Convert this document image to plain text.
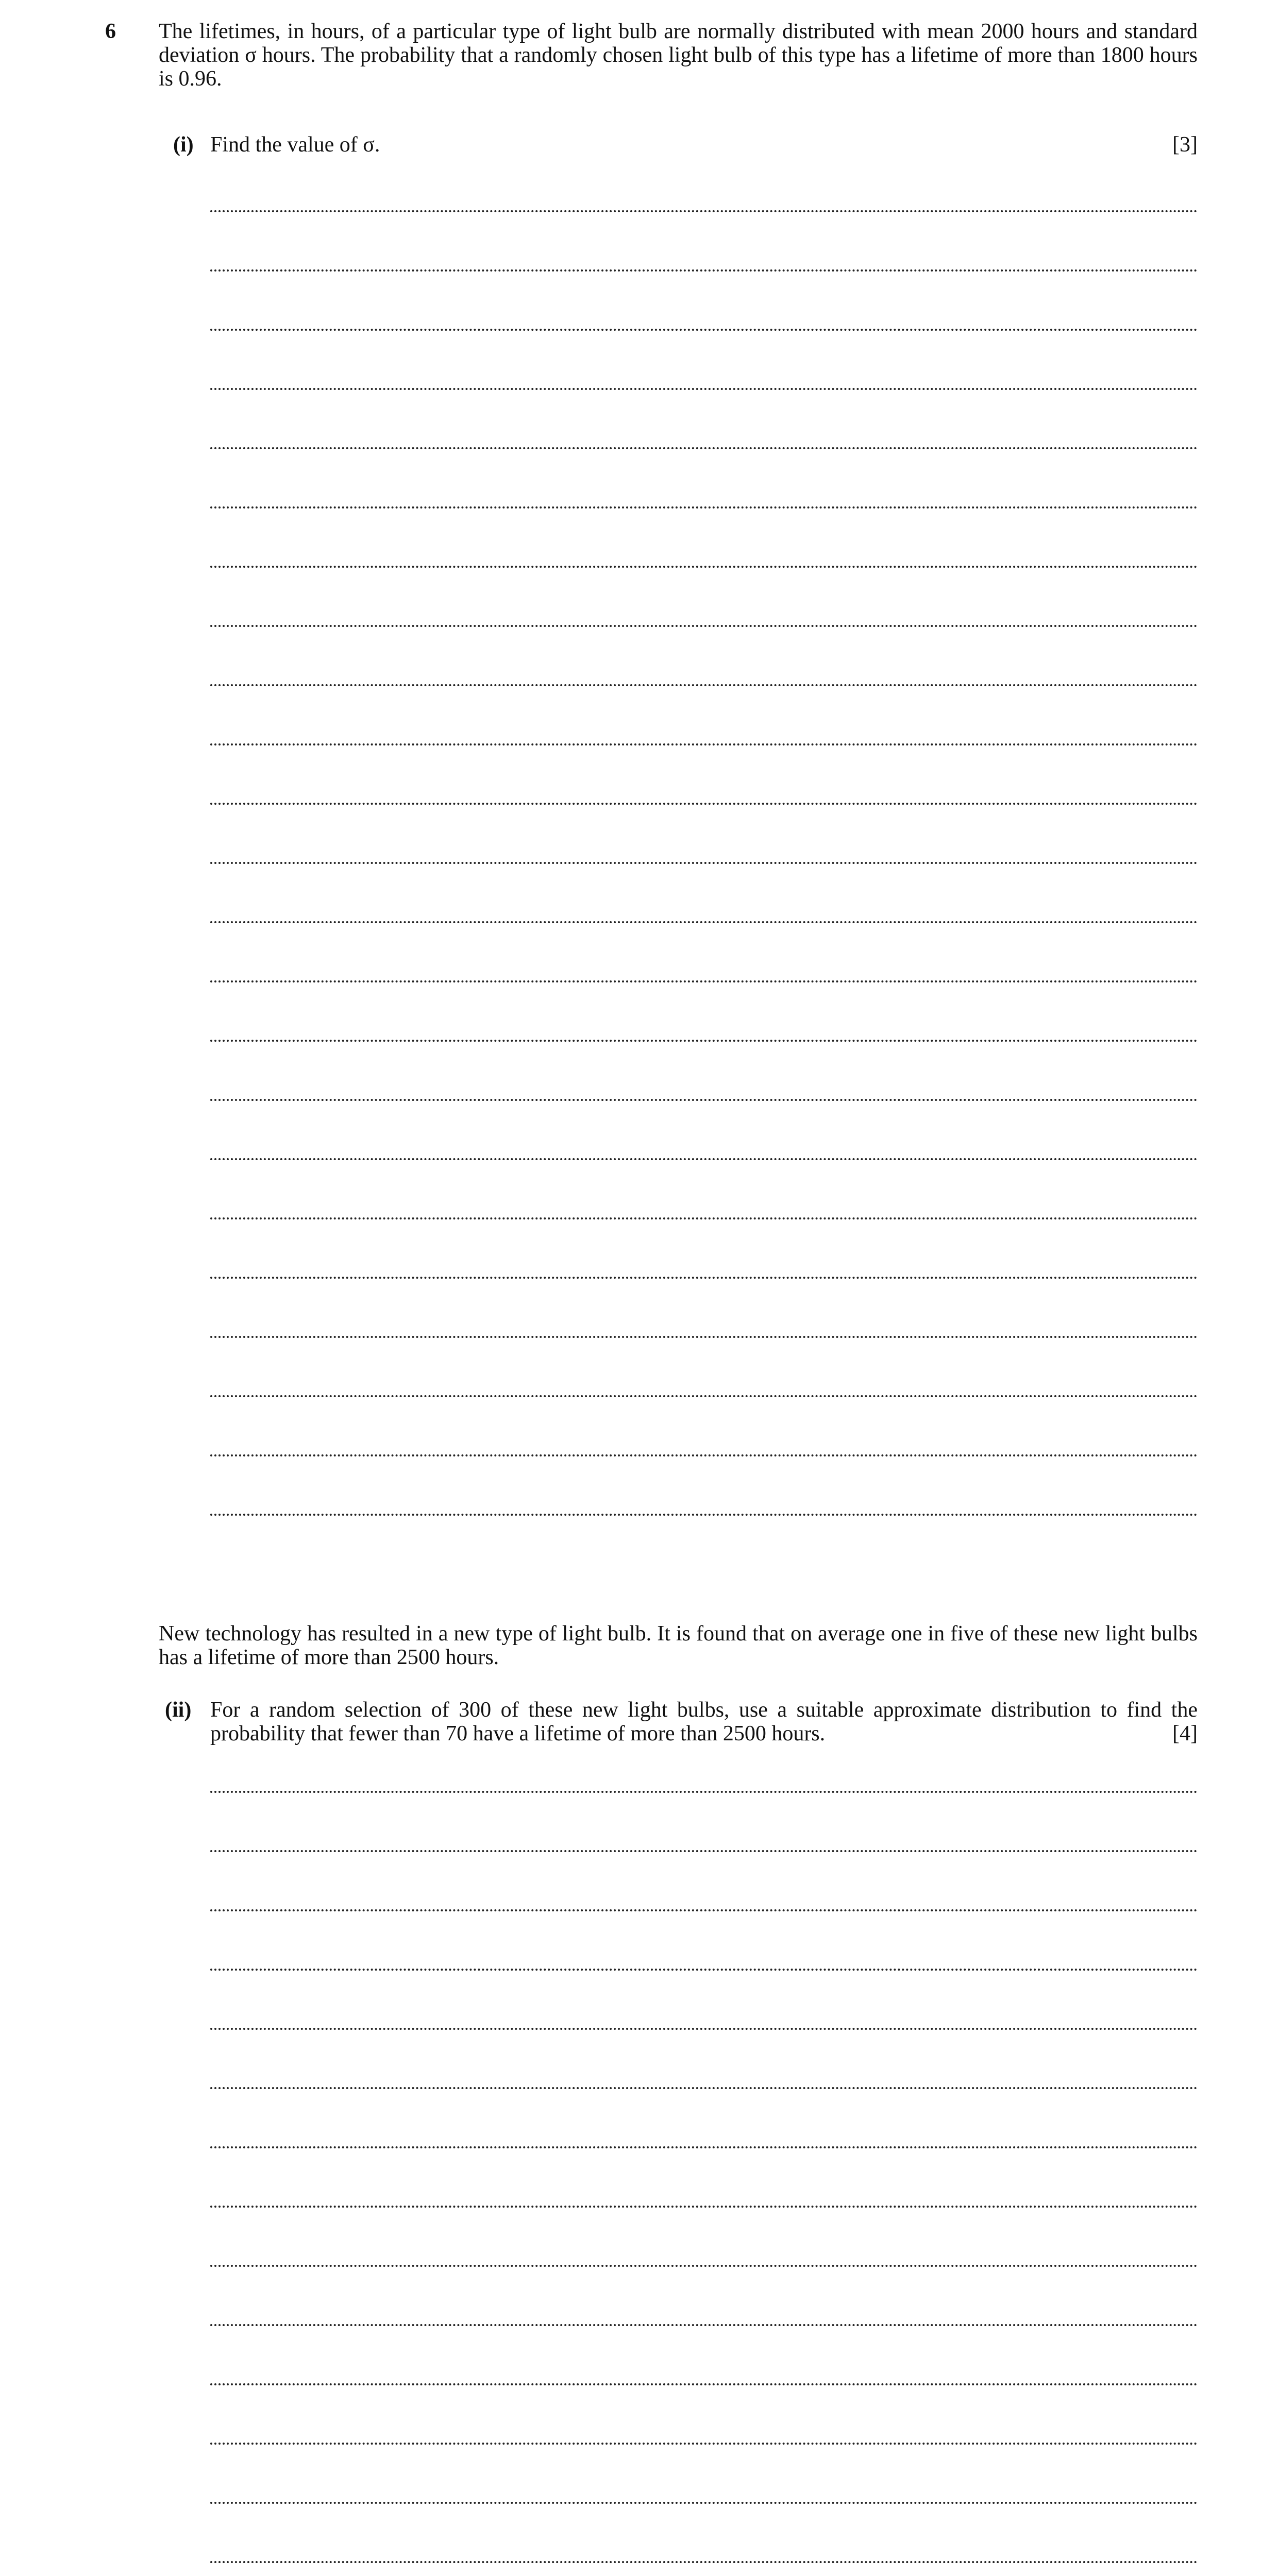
6 The lifetimes, in hours, of a particular type of light bulb are normally distributed with mean 2000 hours and standard deviation σ hours. The probability that a randomly chosen light bulb of this type has a lifetime of more than 1800 hours is 0.96.
(i) Find the value of σ.	[3]
New technology has resulted in a new type of light bulb. It is found that on average one in five of these new light bulbs has a lifetime of more than 2500 hours.
(ii) For a random selection of 300 of these new light bulbs, use a suitable approximate distribution to find the probability that fewer than 70 have a lifetime of more than 2500 hours.	[4]
